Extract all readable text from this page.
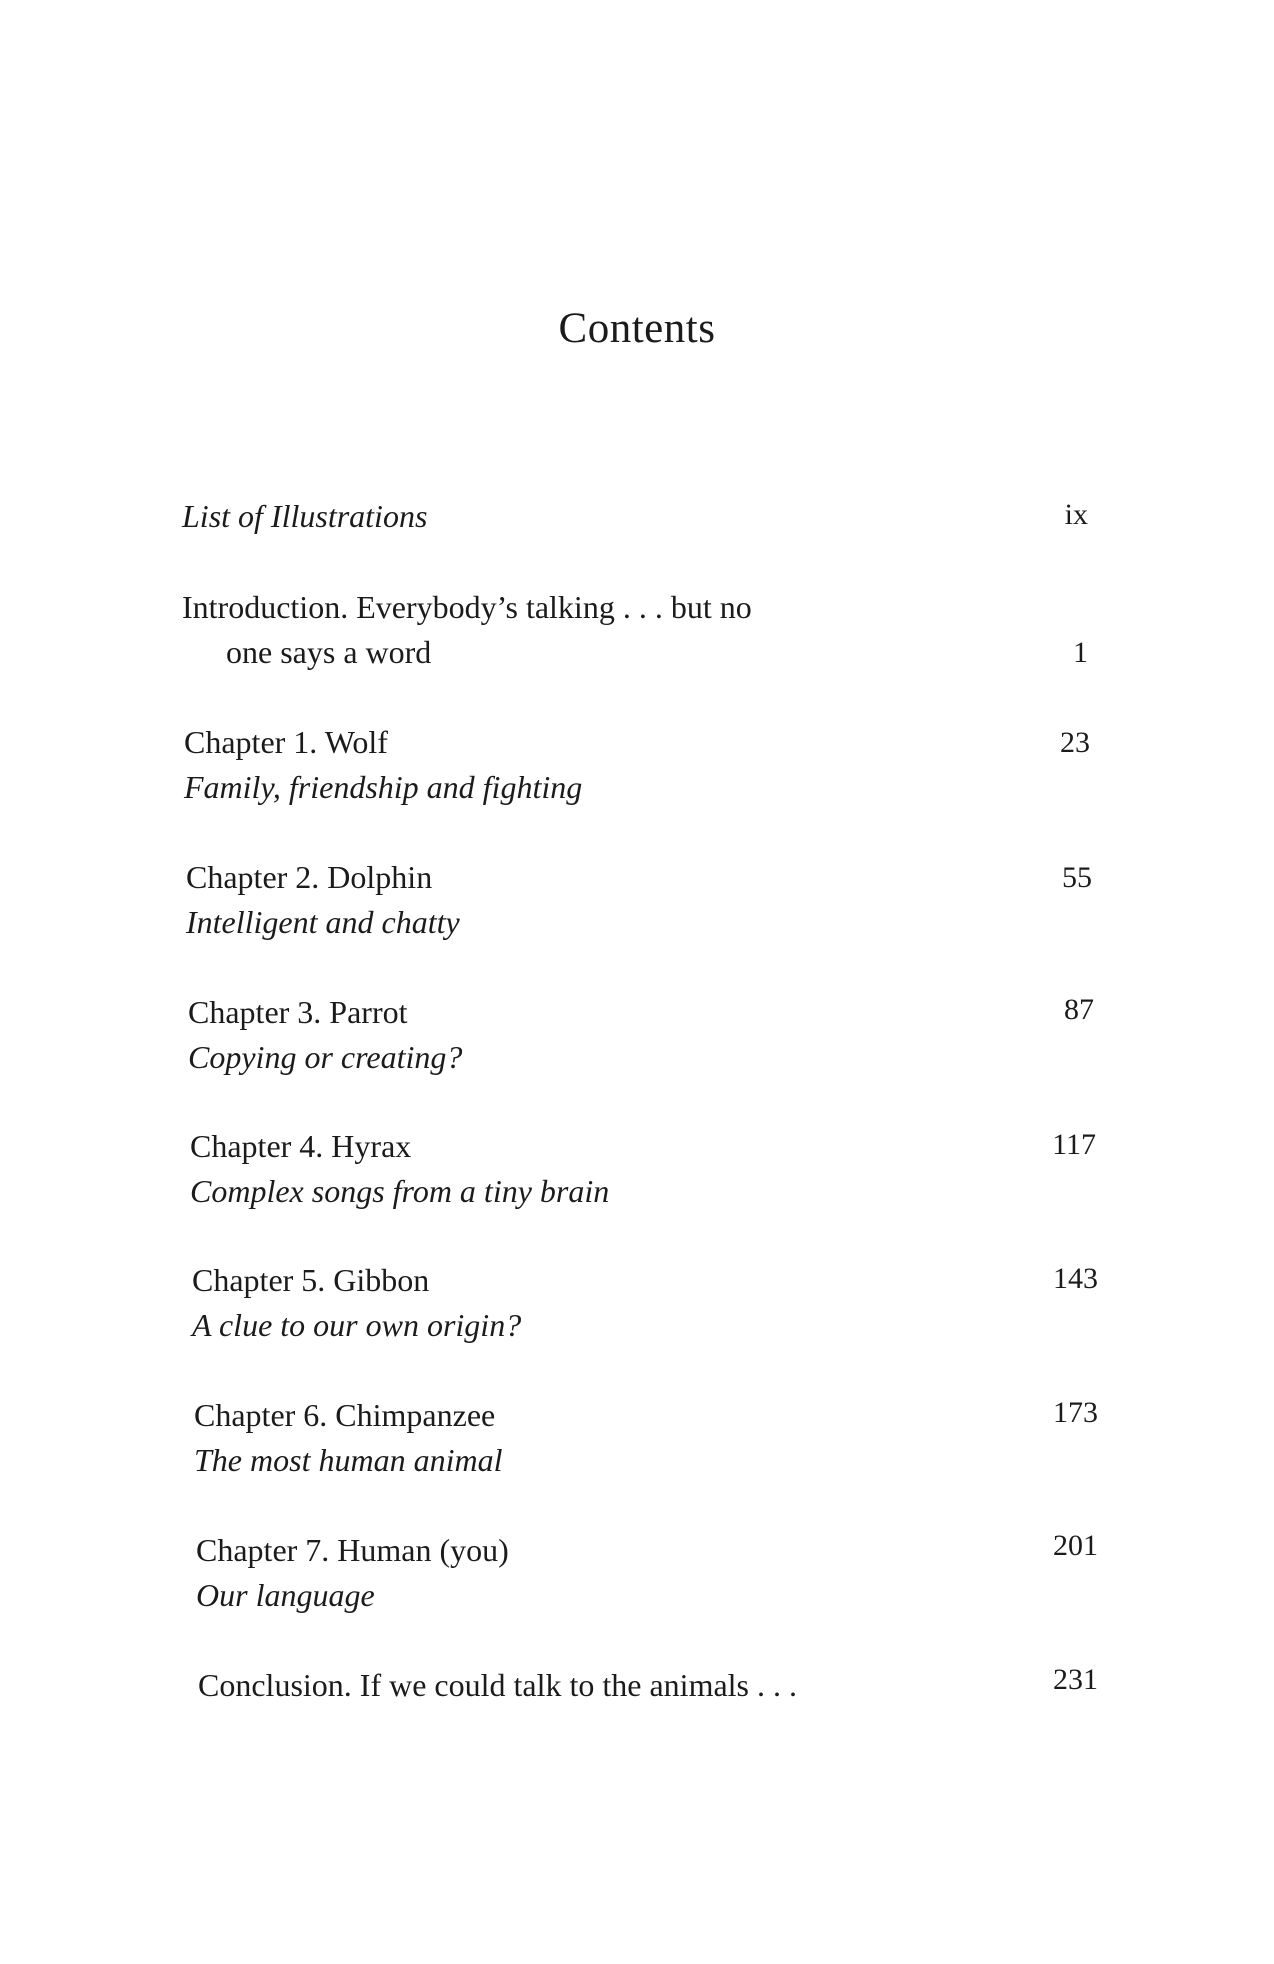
Contents
List of Illustrations	ix
Introduction. Everybody’s talking . . . but no
one says a word	1
Chapter 1. Wolf
Family, friendship and fighting
23
Chapter 2. Dolphin
Intelligent and chatty
55
Chapter 3. Parrot
Copying or creating?
87
Chapter 4. Hyrax
Complex songs from a tiny brain
117
Chapter 5. Gibbon
A clue to our own origin?
143
Chapter 6. Chimpanzee
The most human animal
173
Chapter 7. Human (you)
Our language
201
Conclusion. If we could talk to the animals . . .	231
